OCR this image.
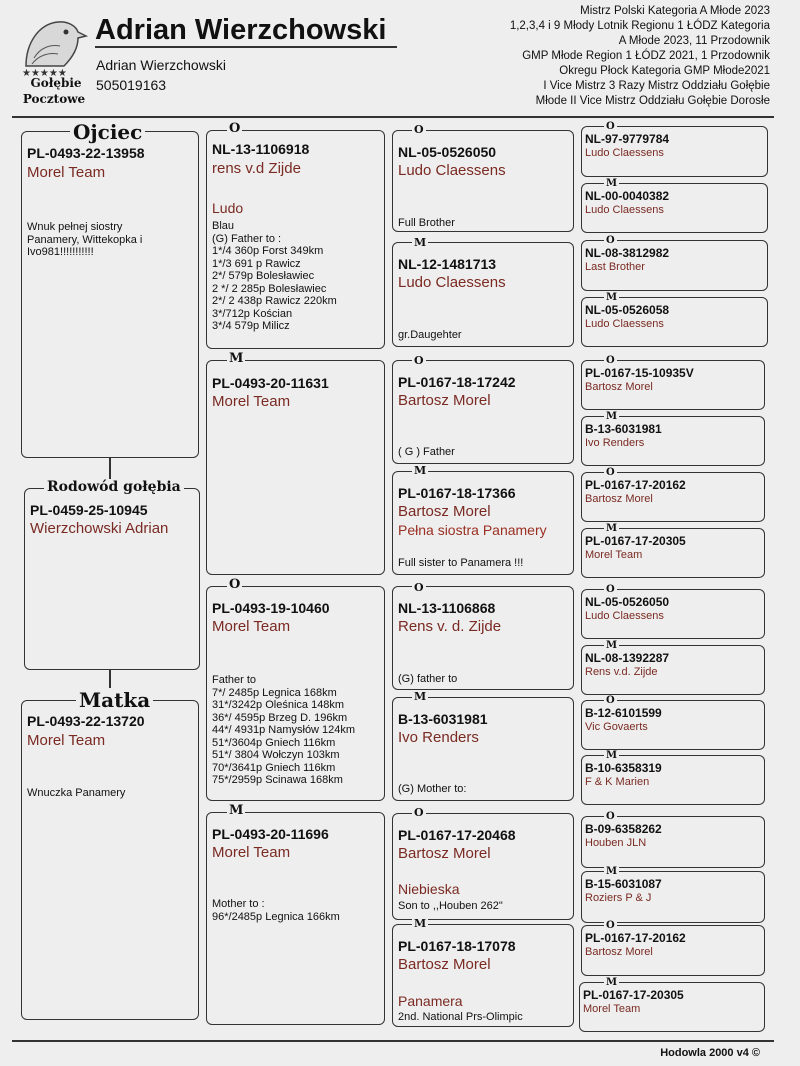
★★★★★
Gołębie
Pocztowe
Adrian Wierzchowski
Adrian Wierzchowski
505019163
Mistrz Polski Kategoria A Młode 2023
1,2,3,4 i 9 Młody Lotnik Regionu 1 ŁÓDZ Kategoria
A Młode 2023, 11 Przodownik
GMP Młode Region 1 ŁÓDZ 2021, 1 Przodownik
Okregu Płock Kategoria GMP Młode2021
I Vice Mistrz 3 Razy Mistrz Oddziału Gołębie
Młode II Vice Mistrz Oddziału Gołębie Dorosłe
PL-0493-22-13958
Morel Team
Wnuk pełnej siostry
Panamery, Wittekopka i
Ivo981!!!!!!!!!!!
Ojciec
PL-0459-25-10945
Wierzchowski Adrian
Rodowód gołębia
PL-0493-22-13720
Morel Team
Wnuczka Panamery
Matka
NL-13-1106918
rens v.d Zijde
Ludo
Blau
(G) Father to :
1*/4 360p Forst 349km
1*/3 691 p Rawicz
2*/ 579p Bolesławiec
2 */ 2 285p Bolesławiec
2*/ 2 438p Rawicz 220km
3*/712p Kościan
3*/4 579p Milicz
O
PL-0493-20-11631
Morel Team
M
PL-0493-19-10460
Morel Team
Father to
7*/ 2485p Legnica 168km
31*/3242p Oleśnica 148km
36*/ 4595p Brzeg D. 196km
44*/ 4931p Namysłów 124km
51*/3604p Gniech 116km
51*/ 3804 Wołczyn 103km
70*/3641p Gniech 116km
75*/2959p Scinawa 168km
O
PL-0493-20-11696
Morel Team
Mother to :
96*/2485p Legnica 166km
M
NL-05-0526050
Ludo Claessens
Full Brother
O
NL-12-1481713
Ludo Claessens
gr.Daugehter
M
PL-0167-18-17242
Bartosz Morel
( G ) Father
O
PL-0167-18-17366
Bartosz Morel
Pełna siostra Panamery
Full sister to Panamera !!!
M
NL-13-1106868
Rens v. d. Zijde
(G) father to
O
B-13-6031981
Ivo Renders
(G) Mother to:
M
PL-0167-17-20468
Bartosz Morel
Niebieska
Son to ,,Houben 262"
O
PL-0167-18-17078
Bartosz Morel
Panamera
2nd. National Prs-Olimpic
M
NL-97-9779784
Ludo Claessens
O
NL-00-0040382
Ludo Claessens
M
NL-08-3812982
Last Brother
O
NL-05-0526058
Ludo Claessens
M
PL-0167-15-10935V
Bartosz Morel
O
B-13-6031981
Ivo Renders
M
PL-0167-17-20162
Bartosz Morel
O
PL-0167-17-20305
Morel Team
M
NL-05-0526050
Ludo Claessens
O
NL-08-1392287
Rens v.d. Zijde
M
B-12-6101599
Vic Govaerts
O
B-10-6358319
F & K Marien
M
B-09-6358262
Houben JLN
O
B-15-6031087
Roziers P & J
M
PL-0167-17-20162
Bartosz Morel
O
PL-0167-17-20305
Morel Team
M
Hodowla 2000 v4 ©
